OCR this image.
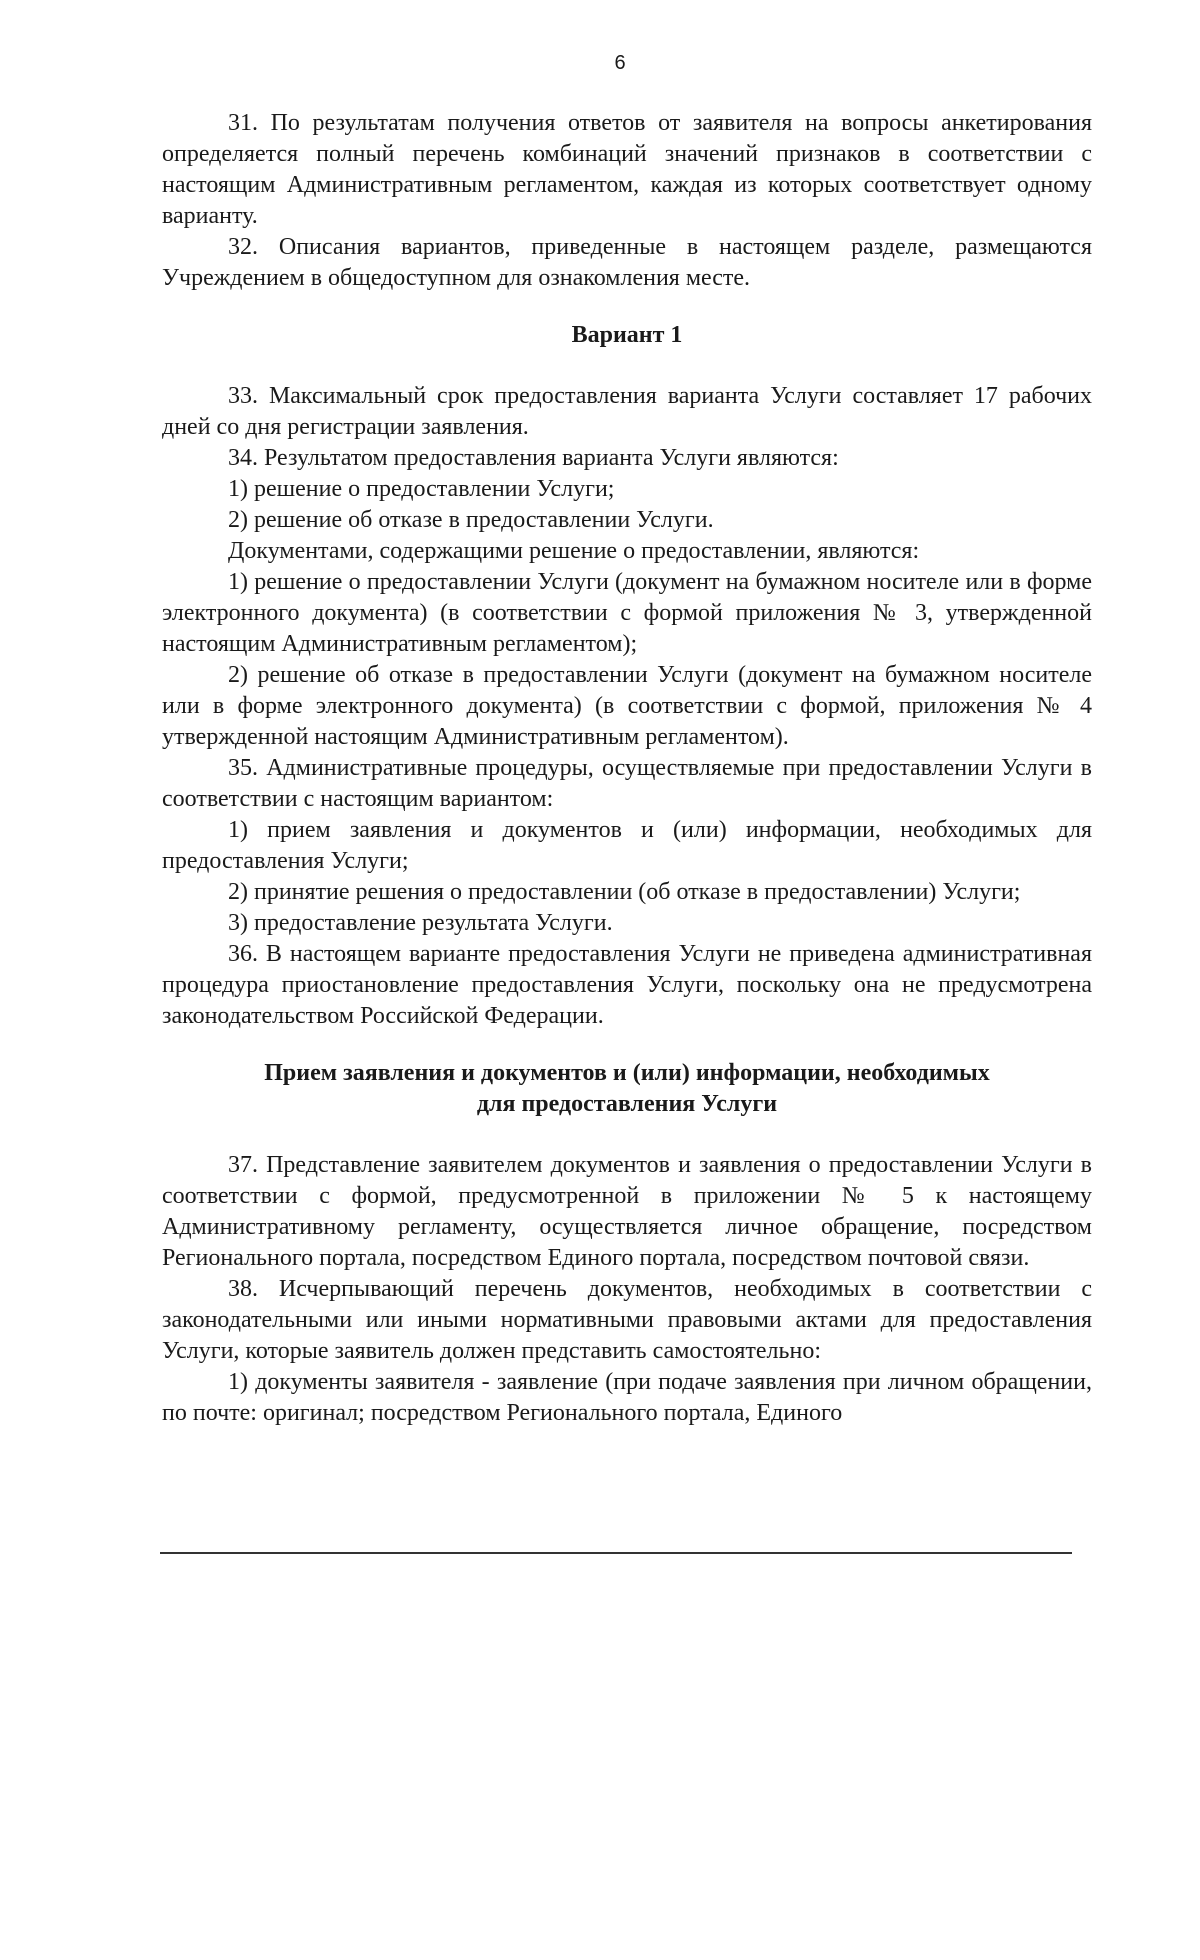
6

31. По результатам получения ответов от заявителя на вопросы анкетирования определяется полный перечень комбинаций значений признаков в соответствии с настоящим Административным регламентом, каждая из которых соответствует одному варианту.

32. Описания вариантов, приведенные в настоящем разделе, размещаются Учреждением в общедоступном для ознакомления месте.

Вариант 1

33. Максимальный срок предоставления варианта Услуги составляет 17 рабочих дней со дня регистрации заявления.

34. Результатом предоставления варианта Услуги являются:

1) решение о предоставлении Услуги;

2) решение об отказе в предоставлении Услуги.

Документами, содержащими решение о предоставлении, являются:

1) решение о предоставлении Услуги (документ на бумажном носителе или в форме электронного документа) (в соответствии с формой приложения № 3, утвержденной настоящим Административным регламентом);

2) решение об отказе в предоставлении Услуги (документ на бумажном носителе или в форме электронного документа) (в соответствии с формой, приложения № 4 утвержденной настоящим Административным регламентом).

35. Административные процедуры, осуществляемые при предоставлении Услуги в соответствии с настоящим вариантом:

1) прием заявления и документов и (или) информации, необходимых для предоставления Услуги;

2) принятие решения о предоставлении (об отказе в предоставлении) Услуги;

3) предоставление результата Услуги.

36. В настоящем варианте предоставления Услуги не приведена административная процедура приостановление предоставления Услуги, поскольку она не предусмотрена законодательством Российской Федерации.

Прием заявления и документов и (или) информации, необходимых
для предоставления Услуги

37. Представление заявителем документов и заявления о предоставлении Услуги в соответствии с формой, предусмотренной в приложении № 5 к настоящему Административному регламенту, осуществляется личное обращение, посредством Регионального портала, посредством Единого портала, посредством почтовой связи.

38. Исчерпывающий перечень документов, необходимых в соответствии с законодательными или иными нормативными правовыми актами для предоставления Услуги, которые заявитель должен представить самостоятельно:

1) документы заявителя - заявление (при подаче заявления при личном обращении, по почте: оригинал; посредством Регионального портала, Единого
